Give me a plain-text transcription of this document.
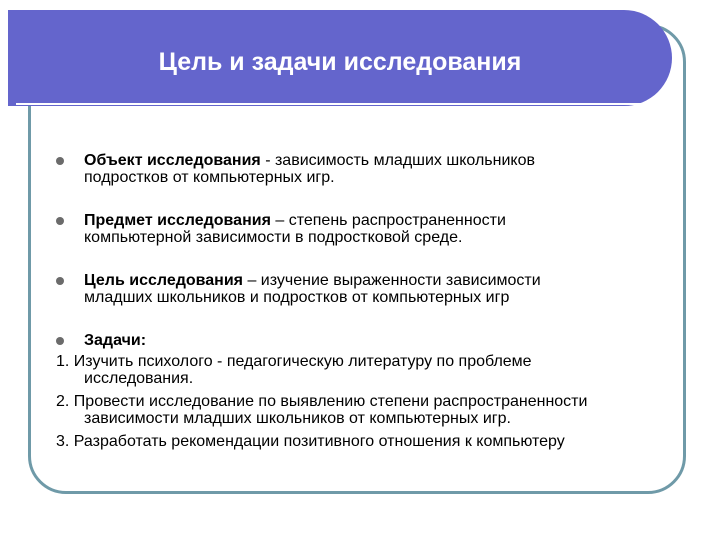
Цель и задачи исследования
Объект исследования - зависимость младших школьников
подростков от компьютерных игр.
Предмет исследования – степень распространенности
компьютерной зависимости в подростковой среде.
Цель исследования – изучение выраженности зависимости
младших школьников и подростков от компьютерных игр
Задачи:
1. Изучить психолого - педагогическую литературу по проблеме
исследования.
2. Провести исследование по выявлению степени распространенности
зависимости младших школьников от компьютерных игр.
3. Разработать рекомендации позитивного отношения к компьютеру
